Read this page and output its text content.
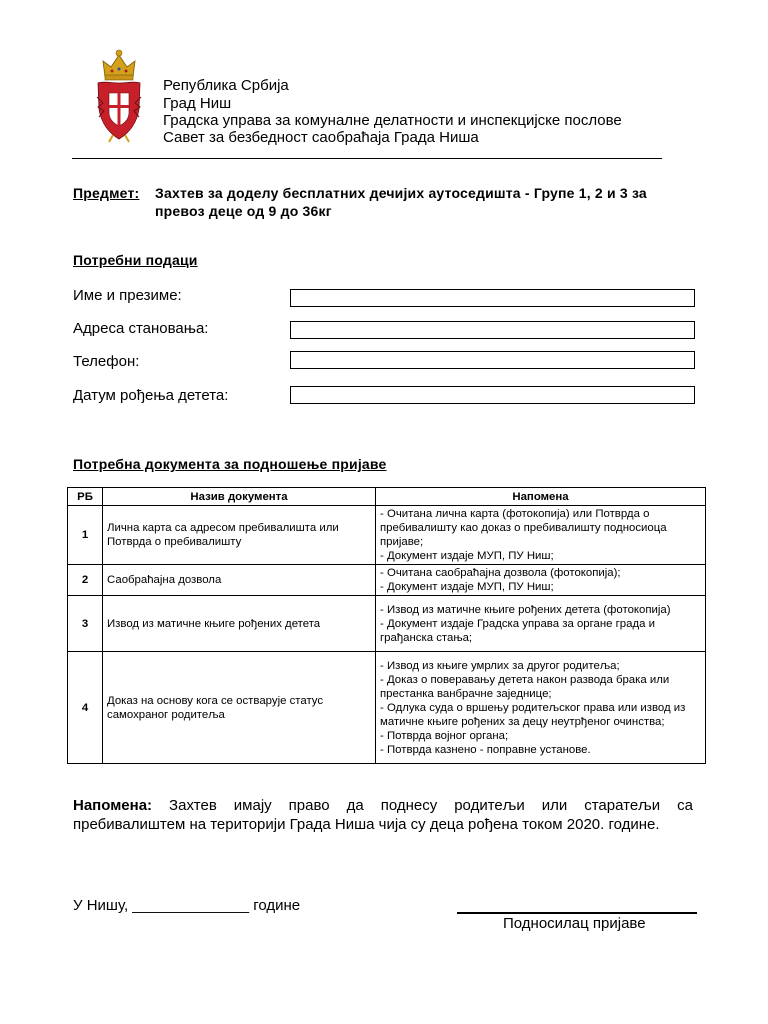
Република Србија
Град Ниш
Градска управа за комуналне делатности и инспекцијске послове
Савет за безбедност саобраћаја Града Ниша
Предмет: Захтев за доделу бесплатних дечијих аутоседишта - Групе 1, 2 и 3 за
превоз деце од 9 до 36кг
Потребни подаци
Име и презиме:
Адреса становања:
Телефон:
Датум рођења детета:
Потребна документа за подношење пријаве
РБ	Назив документа	Напомена
1	Лична карта са адресом пребивалишта или Потврда о пребивалишту	- Очитана лична карта (фотокопија) или Потврда о пребивалишту као доказ о пребивалишту подносиоца пријаве;
- Документ издаје МУП, ПУ Ниш;
2	Саобраћајна дозвола	- Очитана саобраћајна дозвола (фотокопија);
- Документ издаје МУП, ПУ Ниш;
3	Извод из матичне књиге рођених детета	- Извод из матичне књиге рођених детета (фотокопија)
- Документ издаје Градска управа за органе града и грађанска стања;
4	Доказ на основу кога се остварује статус самохраног родитеља	- Извод из књиге умрлих за другог родитеља;
- Доказ о поверавању детета након развода брака или престанка ванбрачне заједнице;
- Одлука суда о вршењу родитељског права или извод из матичне књиге рођених за децу неутрђеног очинства;
- Потврда војног органа;
- Потврда казнено - поправне установе.
Напомена: Захтев имају право да поднесу родитељи или старатељи са пребивалиштем на територији Града Ниша чија су деца рођена током 2020. године.
У Нишу, ______________ године
Подносилац пријаве
